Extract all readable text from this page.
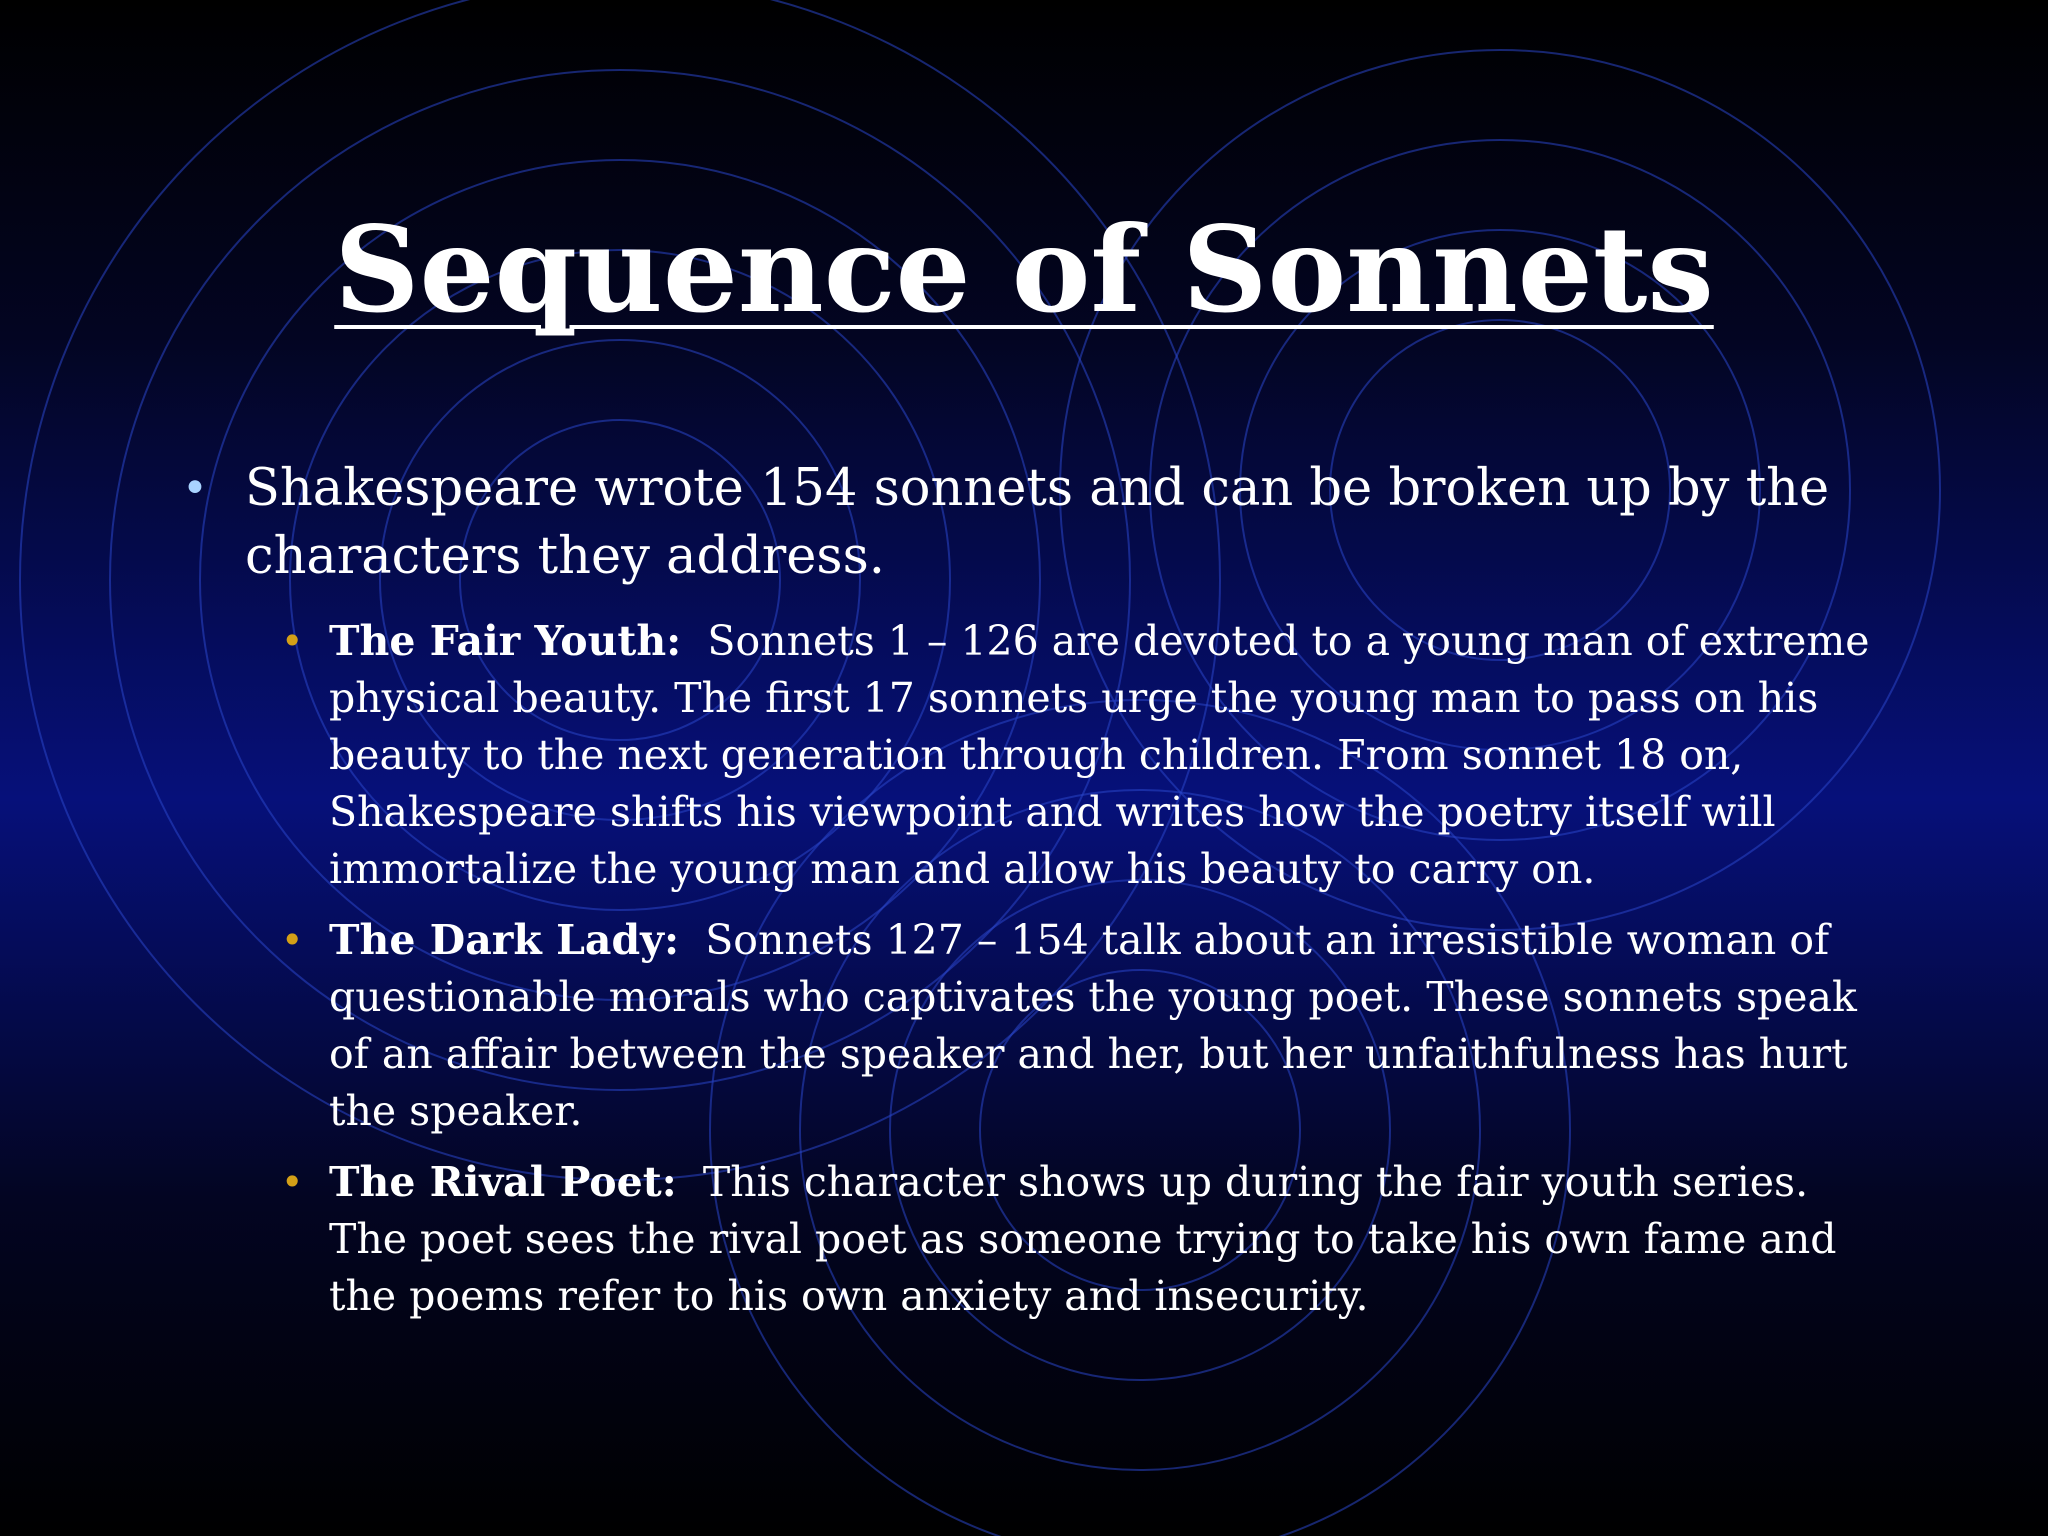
Sequence of Sonnets

• Shakespeare wrote 154 sonnets and can be broken up by the characters they address.

• The Fair Youth: Sonnets 1 – 126 are devoted to a young man of extreme physical beauty. The first 17 sonnets urge the young man to pass on his beauty to the next generation through children. From sonnet 18 on, Shakespeare shifts his viewpoint and writes how the poetry itself will immortalize the young man and allow his beauty to carry on.

• The Dark Lady: Sonnets 127 – 154 talk about an irresistible woman of questionable morals who captivates the young poet. These sonnets speak of an affair between the speaker and her, but her unfaithfulness has hurt the speaker.

• The Rival Poet: This character shows up during the fair youth series. The poet sees the rival poet as someone trying to take his own fame and the poems refer to his own anxiety and insecurity.
